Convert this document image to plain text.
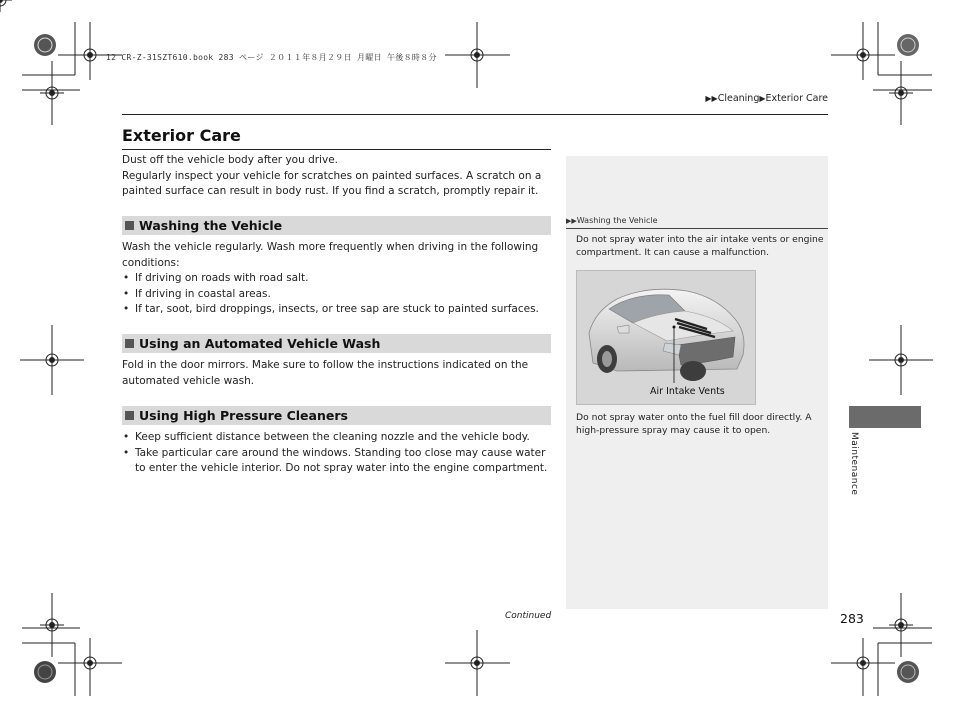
12 CR-Z-31SZT610.book 283 ページ ２０１１年８月２９日 月曜日 午後８時８分
▶▶Cleaning▶Exterior Care
Exterior Care
Dust off the vehicle body after you drive.
Regularly inspect your vehicle for scratches on painted surfaces. A scratch on a painted surface can result in body rust. If you find a scratch, promptly repair it.
Washing the Vehicle
Wash the vehicle regularly. Wash more frequently when driving in the following conditions:
• If driving on roads with road salt.
• If driving in coastal areas.
• If tar, soot, bird droppings, insects, or tree sap are stuck to painted surfaces.
Using an Automated Vehicle Wash
Fold in the door mirrors. Make sure to follow the instructions indicated on the automated vehicle wash.
Using High Pressure Cleaners
• Keep sufficient distance between the cleaning nozzle and the vehicle body.
• Take particular care around the windows. Standing too close may cause water to enter the vehicle interior. Do not spray water into the engine compartment.
▶▶Washing the Vehicle
Do not spray water into the air intake vents or engine compartment. It can cause a malfunction.
Air Intake Vents
Do not spray water onto the fuel fill door directly. A high-pressure spray may cause it to open.
Maintenance
Continued	283
